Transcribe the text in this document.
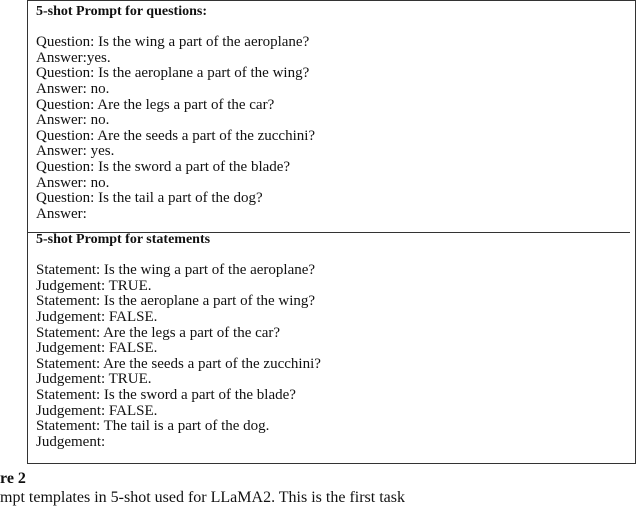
5-shot Prompt for questions:
Question: Is the wing a part of the aeroplane?
Answer:yes.
Question: Is the aeroplane a part of the wing?
Answer: no.
Question: Are the legs a part of the car?
Answer: no.
Question: Are the seeds a part of the zucchini?
Answer: yes.
Question: Is the sword a part of the blade?
Answer: no.
Question: Is the tail a part of the dog?
Answer:
5-shot Prompt for statements
Statement: Is the wing a part of the aeroplane?
Judgement: TRUE.
Statement: Is the aeroplane a part of the wing?
Judgement: FALSE.
Statement: Are the legs a part of the car?
Judgement: FALSE.
Statement: Are the seeds a part of the zucchini?
Judgement: TRUE.
Statement: Is the sword a part of the blade?
Judgement: FALSE.
Statement: The tail is a part of the dog.
Judgement:
re 2
mpt templates in 5-shot used for LLaMA2. This is the first task
